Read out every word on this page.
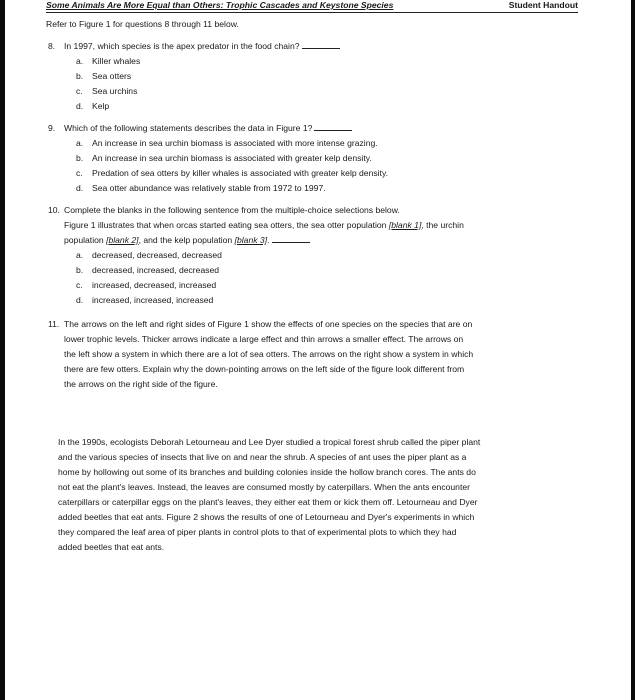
Some Animals Are More Equal than Others: Trophic Cascades and Keystone Species	Student Handout
Refer to Figure 1 for questions 8 through 11 below.
8. In 1997, which species is the apex predator in the food chain?
a. Killer whales
b. Sea otters
c. Sea urchins
d. Kelp
9. Which of the following statements describes the data in Figure 1?
a. An increase in sea urchin biomass is associated with more intense grazing.
b. An increase in sea urchin biomass is associated with greater kelp density.
c. Predation of sea otters by killer whales is associated with greater kelp density.
d. Sea otter abundance was relatively stable from 1972 to 1997.
10. Complete the blanks in the following sentence from the multiple-choice selections below.
Figure 1 illustrates that when orcas started eating sea otters, the sea otter population [blank 1], the urchin
population [blank 2], and the kelp population [blank 3].
a. decreased, decreased, decreased
b. decreased, increased, decreased
c. increased, decreased, increased
d. increased, increased, increased
11. The arrows on the left and right sides of Figure 1 show the effects of one species on the species that are on
lower trophic levels. Thicker arrows indicate a large effect and thin arrows a smaller effect. The arrows on
the left show a system in which there are a lot of sea otters. The arrows on the right show a system in which
there are few otters. Explain why the down-pointing arrows on the left side of the figure look different from
the arrows on the right side of the figure.
In the 1990s, ecologists Deborah Letourneau and Lee Dyer studied a tropical forest shrub called the piper plant
and the various species of insects that live on and near the shrub. A species of ant uses the piper plant as a
home by hollowing out some of its branches and building colonies inside the hollow branch cores. The ants do
not eat the plant's leaves. Instead, the leaves are consumed mostly by caterpillars. When the ants encounter
caterpillars or caterpillar eggs on the plant's leaves, they either eat them or kick them off. Letourneau and Dyer
added beetles that eat ants. Figure 2 shows the results of one of Letourneau and Dyer's experiments in which
they compared the leaf area of piper plants in control plots to that of experimental plots to which they had
added beetles that eat ants.
